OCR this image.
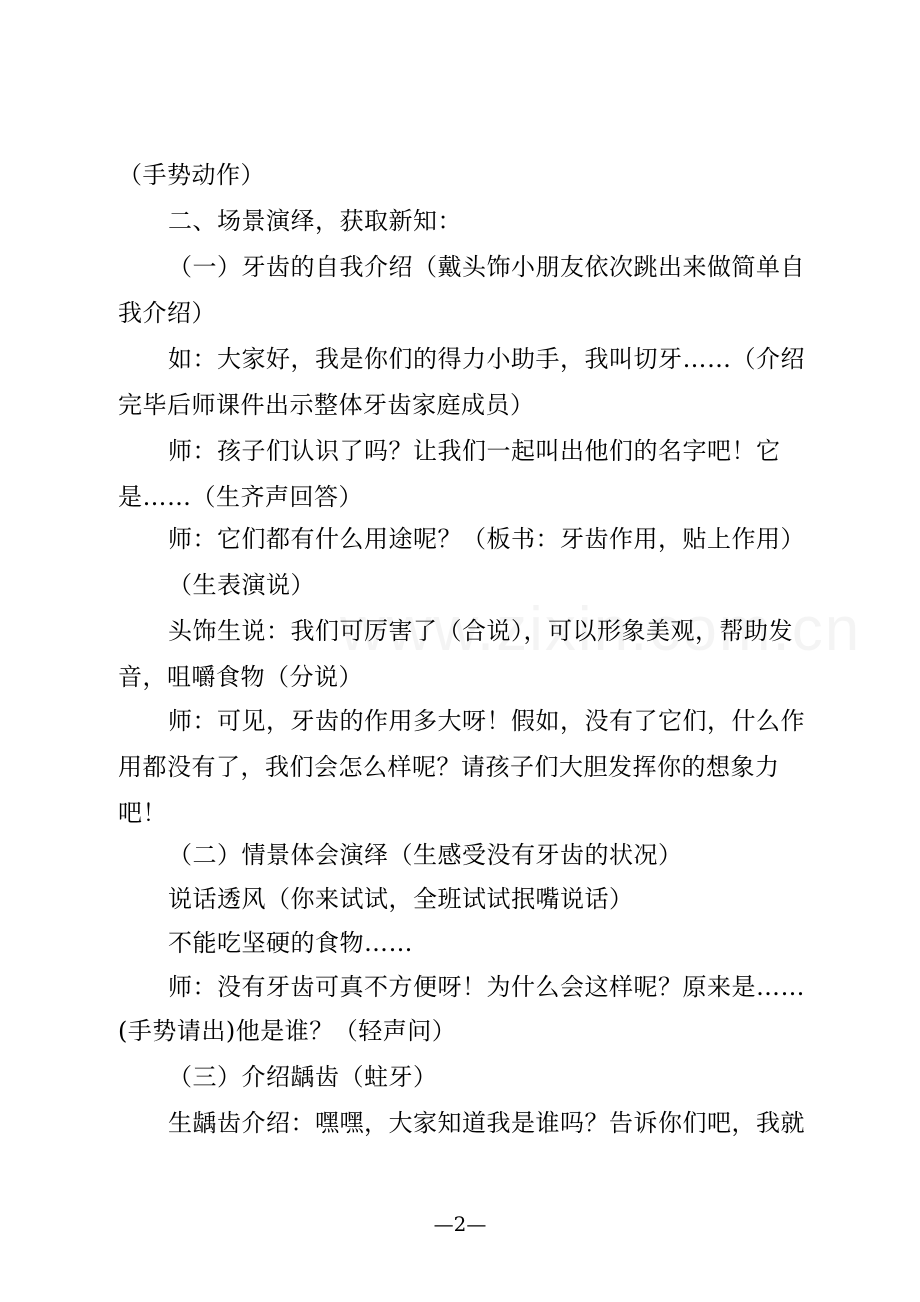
（手势动作）
二、场景演绎，获取新知：
（一）牙齿的自我介绍（戴头饰小朋友依次跳出来做简单自
我介绍）
如：大家好，我是你们的得力小助手，我叫切牙……（介绍
完毕后师课件出示整体牙齿家庭成员）
师：孩子们认识了吗？让我们一起叫出他们的名字吧！它
是……（生齐声回答）
师：它们都有什么用途呢？（板书：牙齿作用，贴上作用）
（生表演说）
头饰生说：我们可厉害了（合说），可以形象美观，帮助发
音，咀嚼食物（分说）
师：可见，牙齿的作用多大呀！假如，没有了它们，什么作
用都没有了，我们会怎么样呢？请孩子们大胆发挥你的想象力
吧！
（二）情景体会演绎（生感受没有牙齿的状况）
说话透风（你来试试，全班试试抿嘴说话）
不能吃坚硬的食物……
师：没有牙齿可真不方便呀！为什么会这样呢？原来是……
(手势请出)他是谁？（轻声问）
（三）介绍龋齿（蛀牙）
生龋齿介绍：嘿嘿，大家知道我是谁吗？告诉你们吧，我就
—2—
